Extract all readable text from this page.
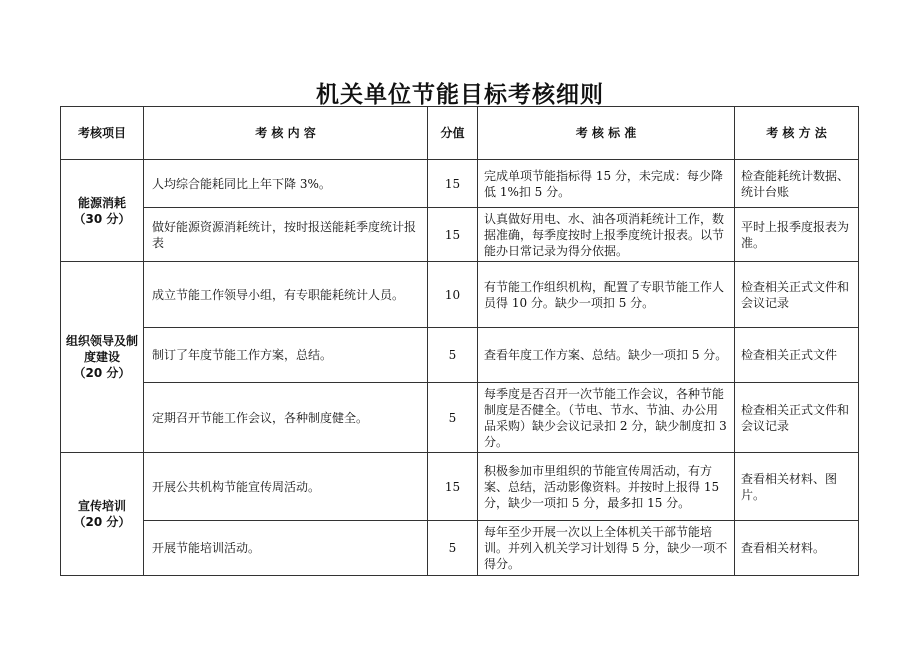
机关单位节能目标考核细则
考核项目	考 核 内 容	分值	考 核 标 准	考 核 方 法

能源消耗
（30 分）	人均综合能耗同比上年下降 3%。	15	完成单项节能指标得 15 分，未完成：每少降低 1%扣 5 分。	检查能耗统计数据、统计台账
	做好能源资源消耗统计，按时报送能耗季度统计报表	15	认真做好用电、水、油各项消耗统计工作，数据准确，每季度按时上报季度统计报表。以节能办日常记录为得分依据。	平时上报季度报表为准。

组织领导及制度建设
（20 分）	成立节能工作领导小组，有专职能耗统计人员。	10	有节能工作组织机构，配置了专职节能工作人员得 10 分。缺少一项扣 5 分。	检查相关正式文件和会议记录
	制订了年度节能工作方案，总结。	5	查看年度工作方案、总结。缺少一项扣 5 分。	检查相关正式文件
	定期召开节能工作会议，各种制度健全。	5	每季度是否召开一次节能工作会议，各种节能制度是否健全。（节电、节水、节油、办公用品采购）缺少会议记录扣 2 分，缺少制度扣 3 分。	检查相关正式文件和会议记录

宣传培训
（20 分）	开展公共机构节能宣传周活动。	15	积极参加市里组织的节能宣传周活动，有方案、总结，活动影像资料。并按时上报得 15 分，缺少一项扣 5 分，最多扣 15 分。	查看相关材料、图片。
	开展节能培训活动。	5	每年至少开展一次以上全体机关干部节能培训。并列入机关学习计划得 5 分，缺少一项不得分。	查看相关材料。
